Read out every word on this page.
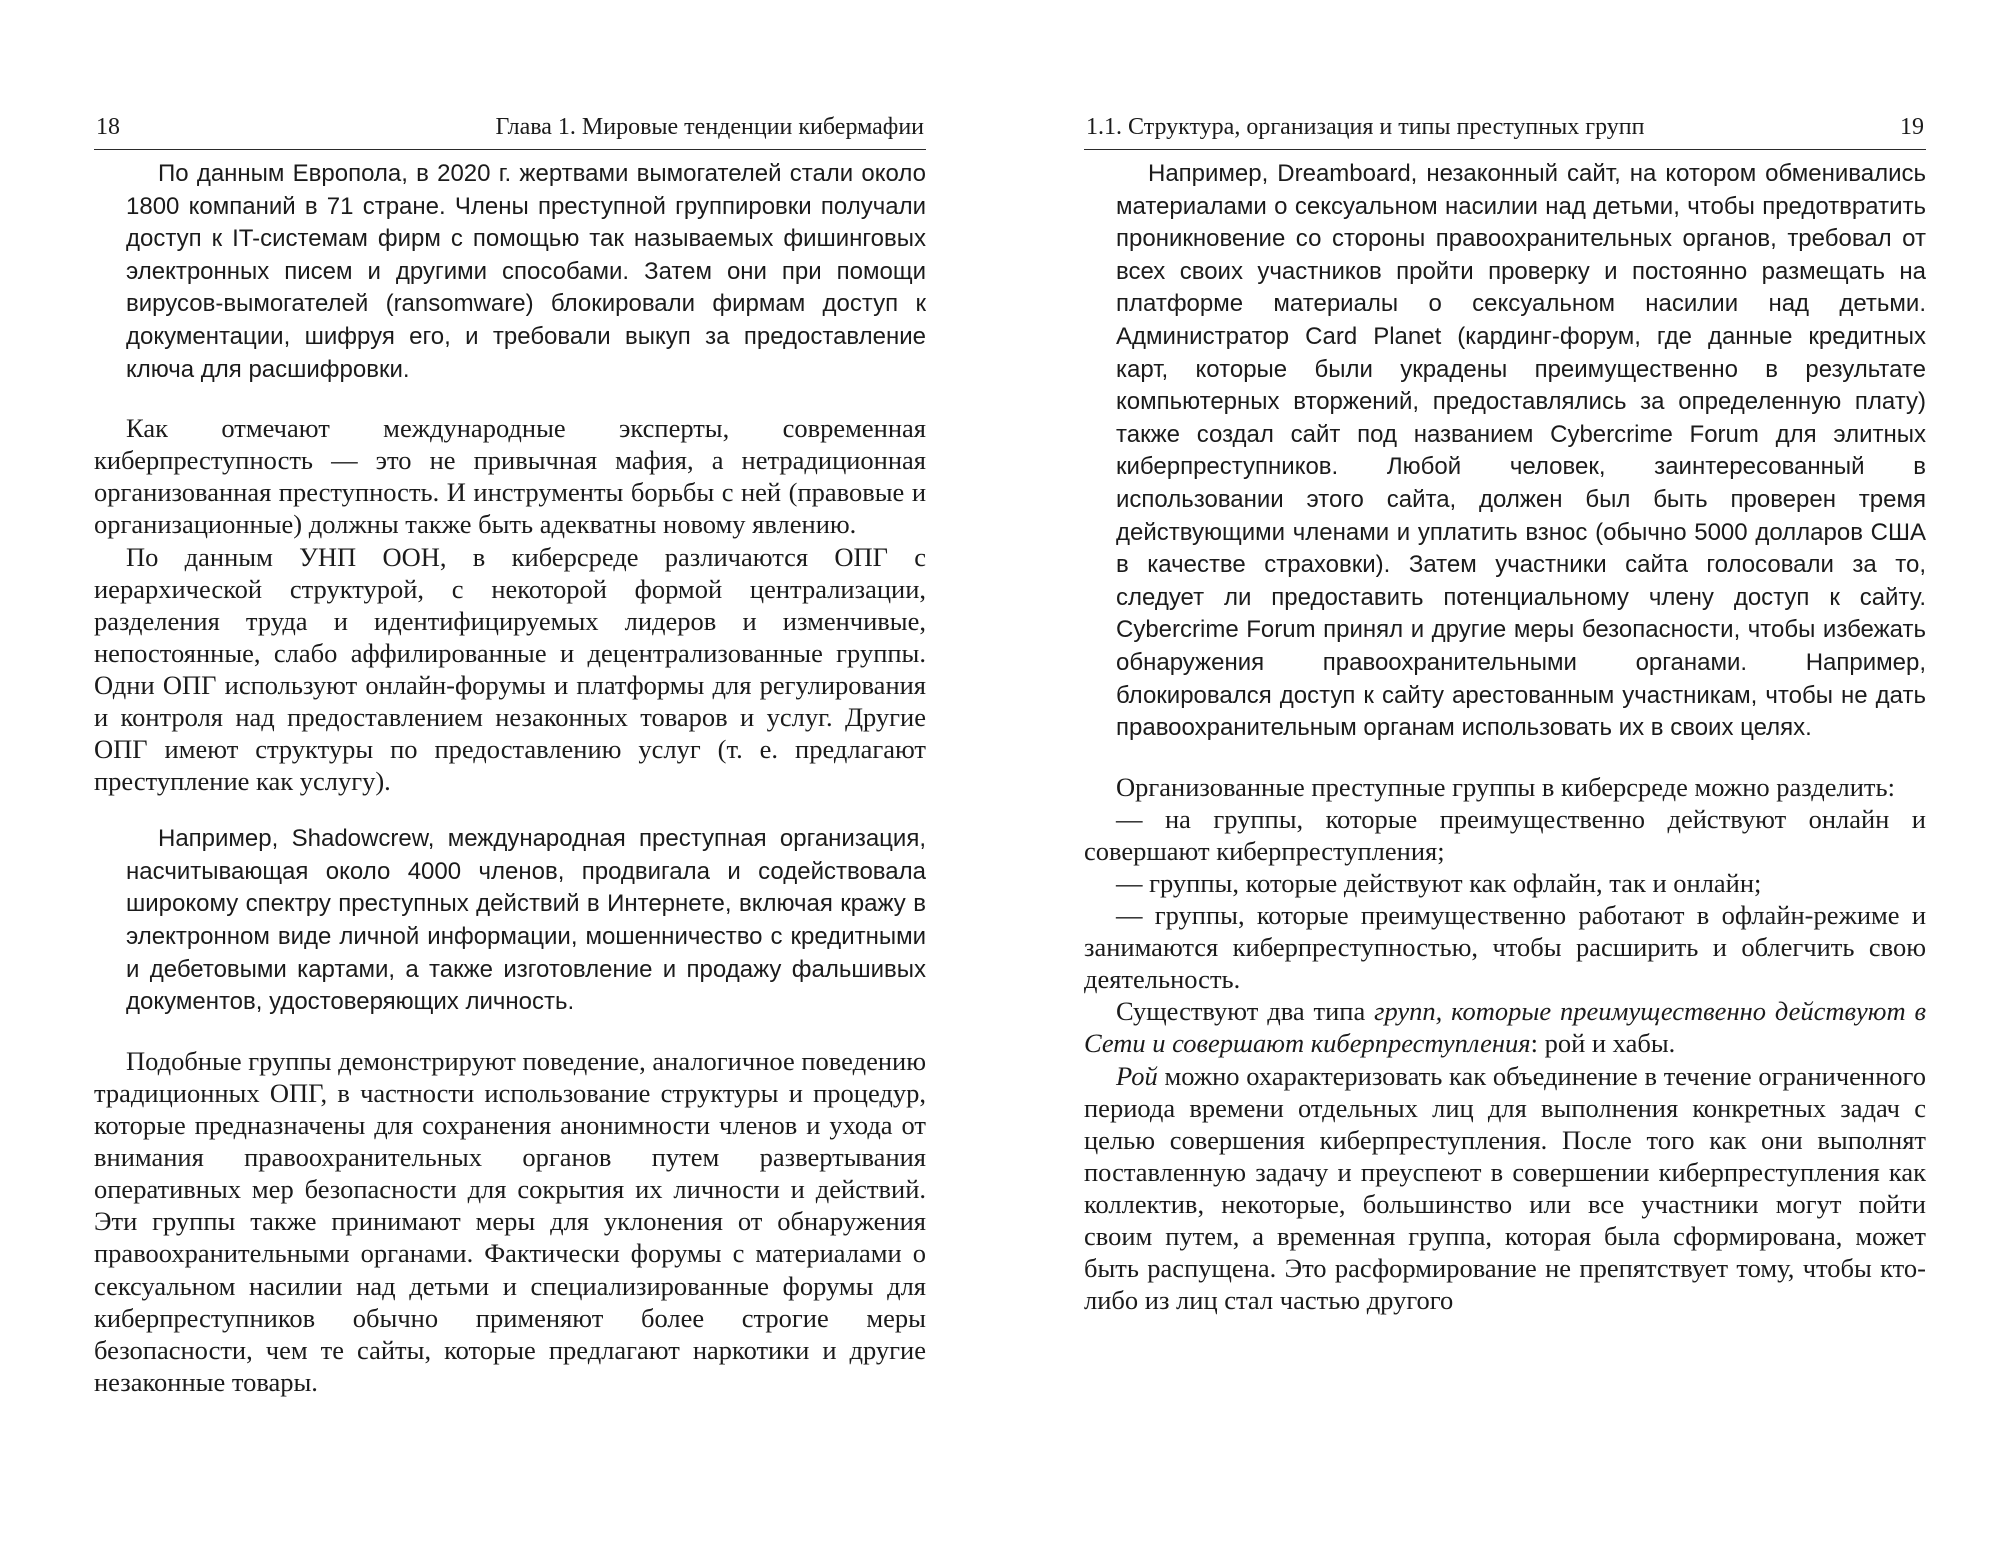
18	Глава 1. Мировые тенденции кибермафии

По данным Европола, в 2020 г. жертвами вымогателей стали около 1800 компаний в 71 стране. Члены преступной группировки получали доступ к IT-системам фирм с помощью так называемых фишинговых электронных писем и другими способами. Затем они при помощи вирусов-вымогателей (ransomware) блокировали фирмам доступ к документации, шифруя его, и требовали выкуп за предоставление ключа для расшифровки.

Как отмечают международные эксперты, современная киберпреступность — это не привычная мафия, а нетрадиционная организованная преступность. И инструменты борьбы с ней (правовые и организационные) должны также быть адекватны новому явлению.

По данным УНП ООН, в киберсреде различаются ОПГ с иерархической структурой, с некоторой формой централизации, разделения труда и идентифицируемых лидеров и изменчивые, непостоянные, слабо аффилированные и децентрализованные группы. Одни ОПГ используют онлайн-форумы и платформы для регулирования и контроля над предоставлением незаконных товаров и услуг. Другие ОПГ имеют структуры по предоставлению услуг (т. е. предлагают преступление как услугу).

Например, Shadowcrew, международная преступная организация, насчитывающая около 4000 членов, продвигала и содействовала широкому спектру преступных действий в Интернете, включая кражу в электронном виде личной информации, мошенничество с кредитными и дебетовыми картами, а также изготовление и продажу фальшивых документов, удостоверяющих личность.

Подобные группы демонстрируют поведение, аналогичное поведению традиционных ОПГ, в частности использование структуры и процедур, которые предназначены для сохранения анонимности членов и ухода от внимания правоохранительных органов путем развертывания оперативных мер безопасности для сокрытия их личности и действий. Эти группы также принимают меры для уклонения от обнаружения правоохранительными органами. Фактически форумы с материалами о сексуальном насилии над детьми и специализированные форумы для киберпреступников обычно применяют более строгие меры безопасности, чем те сайты, которые предлагают наркотики и другие незаконные товары.

1.1. Структура, организация и типы преступных групп	19

Например, Dreamboard, незаконный сайт, на котором обменивались материалами о сексуальном насилии над детьми, чтобы предотвратить проникновение со стороны правоохранительных органов, требовал от всех своих участников пройти проверку и постоянно размещать на платформе материалы о сексуальном насилии над детьми. Администратор Card Planet (кардинг-форум, где данные кредитных карт, которые были украдены преимущественно в результате компьютерных вторжений, предоставлялись за определенную плату) также создал сайт под названием Cybercrime Forum для элитных киберпреступников. Любой человек, заинтересованный в использовании этого сайта, должен был быть проверен тремя действующими членами и уплатить взнос (обычно 5000 долларов США в качестве страховки). Затем участники сайта голосовали за то, следует ли предоставить потенциальному члену доступ к сайту. Cybercrime Forum принял и другие меры безопасности, чтобы избежать обнаружения правоохранительными органами. Например, блокировался доступ к сайту арестованным участникам, чтобы не дать правоохранительным органам использовать их в своих целях.

Организованные преступные группы в киберсреде можно разделить:

— на группы, которые преимущественно действуют онлайн и совершают киберпреступления;

— группы, которые действуют как офлайн, так и онлайн;

— группы, которые преимущественно работают в офлайн-режиме и занимаются киберпреступностью, чтобы расширить и облегчить свою деятельность.

Существуют два типа групп, которые преимущественно действуют в Сети и совершают киберпреступления: рой и хабы.

Рой можно охарактеризовать как объединение в течение ограниченного периода времени отдельных лиц для выполнения конкретных задач с целью совершения киберпреступления. После того как они выполнят поставленную задачу и преуспеют в совершении киберпреступления как коллектив, некоторые, большинство или все участники могут пойти своим путем, а временная группа, которая была сформирована, может быть распущена. Это расформирование не препятствует тому, чтобы кто-либо из лиц стал частью другого
